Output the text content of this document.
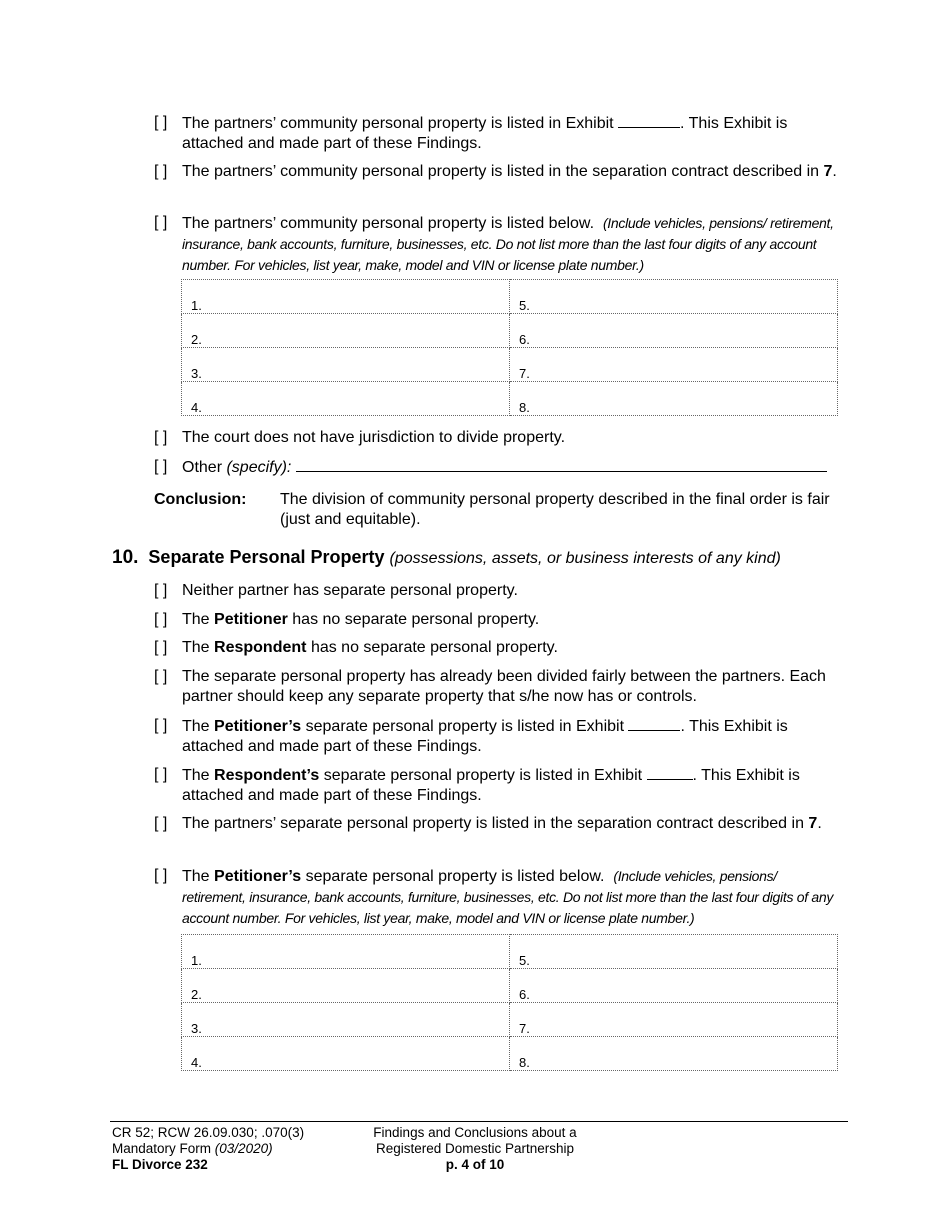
[ ] The partners’ community personal property is listed in Exhibit	. This Exhibit is attached and made part of these Findings.
[ ] The partners’ community personal property is listed in the separation contract described in 7.
[ ] The partners’ community personal property is listed below. (Include vehicles, pensions/ retirement, insurance, bank accounts, furniture, businesses, etc. Do not list more than the last four digits of any account number. For vehicles, list year, make, model and VIN or license plate number.)
1.	5.
2.	6.
3.	7.
4.	8.
[ ] The court does not have jurisdiction to divide property.
[ ] Other (specify):
Conclusion: The division of community personal property described in the final order is fair (just and equitable).
10. Separate Personal Property (possessions, assets, or business interests of any kind)
[ ] Neither partner has separate personal property.
[ ] The Petitioner has no separate personal property.
[ ] The Respondent has no separate personal property.
[ ] The separate personal property has already been divided fairly between the partners. Each partner should keep any separate property that s/he now has or controls.
[ ] The Petitioner’s separate personal property is listed in Exhibit	. This Exhibit is attached and made part of these Findings.
[ ] The Respondent’s separate personal property is listed in Exhibit	. This Exhibit is attached and made part of these Findings.
[ ] The partners’ separate personal property is listed in the separation contract described in 7.
[ ] The Petitioner’s separate personal property is listed below. (Include vehicles, pensions/ retirement, insurance, bank accounts, furniture, businesses, etc. Do not list more than the last four digits of any account number. For vehicles, list year, make, model and VIN or license plate number.)
1.	5.
2.	6.
3.	7.
4.	8.
CR 52; RCW 26.09.030; .070(3)
Mandatory Form (03/2020)
FL Divorce 232
Findings and Conclusions about a
Registered Domestic Partnership
p. 4 of 10
